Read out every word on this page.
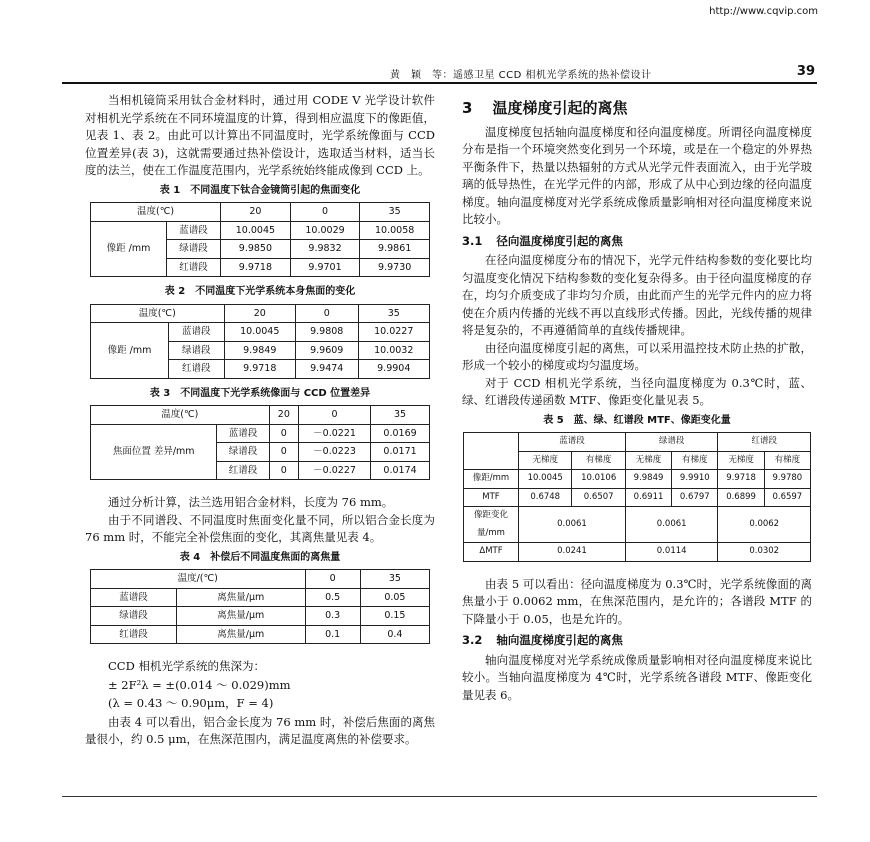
http://www.cqvip.com
黄　颖　等：遥感卫星 CCD 相机光学系统的热补偿设计	39

当相机镜筒采用钛合金材料时，通过用 CODE V 光学设计软件对相机光学系统在不同环境温度的计算，得到相应温度下的像距值，见表 1、表 2。由此可以计算出不同温度时，光学系统像面与 CCD 位置差异(表 3)，这就需要通过热补偿设计，选取适当材料，适当长度的法兰，使在工作温度范围内，光学系统始终能成像到 CCD 上。

表 1　不同温度下钛合金镜筒引起的焦面变化
温度(℃)		20	0	35
像距 /mm	蓝谱段	10.0045	10.0029	10.0058
	绿谱段	9.9850	9.9832	9.9861
	红谱段	9.9718	9.9701	9.9730
表 2　不同温度下光学系统本身焦面的变化
温度(℃)		20	0	35
像距 /mm	蓝谱段	10.0045	9.9808	10.0227
	绿谱段	9.9849	9.9609	10.0032
	红谱段	9.9718	9.9474	9.9904
表 3　不同温度下光学系统像面与 CCD 位置差异
温度(℃)		20	0	35
焦面位置 差异/mm	蓝谱段	0	－0.0221	0.0169
	绿谱段	0	－0.0223	0.0171
	红谱段	0	－0.0227	0.0174

通过分析计算，法兰选用铝合金材料，长度为 76 mm。

由于不同谱段、不同温度时焦面变化量不同，所以铝合金长度为 76 mm 时，不能完全补偿焦面的变化，其离焦量见表 4。

表 4　补偿后不同温度焦面的离焦量
温度/(℃)		0	35
蓝谱段	离焦量/μm	0.5	0.05
绿谱段	离焦量/μm	0.3	0.15
红谱段	离焦量/μm	0.1	0.4

CCD 相机光学系统的焦深为：

± 2F²λ = ±(0.014 ～ 0.029)mm
(λ = 0.43 ～ 0.90μm，F = 4)

由表 4 可以看出，铝合金长度为 76 mm 时，补偿后焦面的离焦量很小，约 0.5 μm，在焦深范围内，满足温度离焦的补偿要求。

3 温度梯度引起的离焦

温度梯度包括轴向温度梯度和径向温度梯度。所谓径向温度梯度分布是指一个环境突然变化到另一个环境，或是在一个稳定的外界热平衡条件下，热量以热辐射的方式从光学元件表面流入，由于光学玻璃的低导热性，在光学元件的内部，形成了从中心到边缘的径向温度梯度。轴向温度梯度对光学系统成像质量影响相对径向温度梯度来说比较小。

3.1 径向温度梯度引起的离焦

在径向温度梯度分布的情况下，光学元件结构参数的变化要比均匀温度变化情况下结构参数的变化复杂得多。由于径向温度梯度的存在，均匀介质变成了非均匀介质，由此而产生的光学元件内的应力将使在介质内传播的光线不再以直线形式传播。因此，光线传播的规律将是复杂的，不再遵循简单的直线传播规律。

由径向温度梯度引起的离焦，可以采用温控技术防止热的扩散，形成一个较小的梯度或均匀温度场。

对于 CCD 相机光学系统，当径向温度梯度为 0.3℃时，蓝、绿、红谱段传递函数 MTF、像距变化量见表 5。

表 5　蓝、绿、红谱段 MTF、像距变化量
	蓝谱段		绿谱段		红谱段	
	无梯度	有梯度	无梯度	有梯度	无梯度	有梯度
像距/mm	10.0045	10.0106	9.9849	9.9910	9.9718	9.9780
MTF	0.6748	0.6507	0.6911	0.6797	0.6899	0.6597
像距变化量/mm	0.0061		0.0061		0.0062	
ΔMTF	0.0241		0.0114		0.0302	

由表 5 可以看出：径向温度梯度为 0.3℃时，光学系统像面的离焦量小于 0.0062 mm，在焦深范围内，是允许的；各谱段 MTF 的下降量小于 0.05，也是允许的。

3.2 轴向温度梯度引起的离焦

轴向温度梯度对光学系统成像质量影响相对径向温度梯度来说比较小。当轴向温度梯度为 4℃时，光学系统各谱段 MTF、像距变化量见表 6。
